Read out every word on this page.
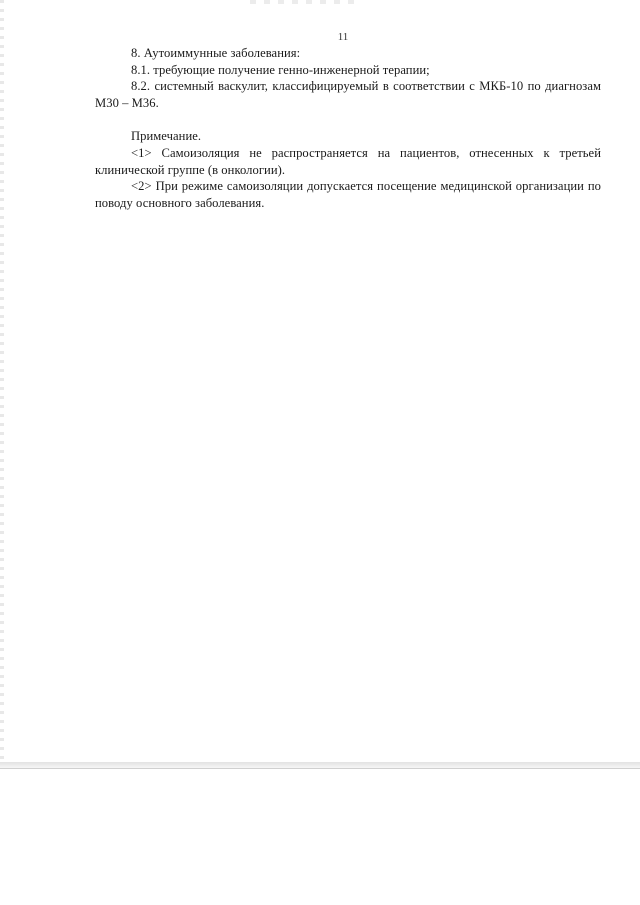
11

8. Аутоиммунные заболевания:

8.1. требующие получение генно-инженерной терапии;

8.2. системный васкулит, классифицируемый в соответствии с МКБ-10 по диагнозам М30 – М36.

Примечание.

<1> Самоизоляция не распространяется на пациентов, отнесенных к третьей клинической группе (в онкологии).

<2> При режиме самоизоляции допускается посещение медицинской организации по поводу основного заболевания.
